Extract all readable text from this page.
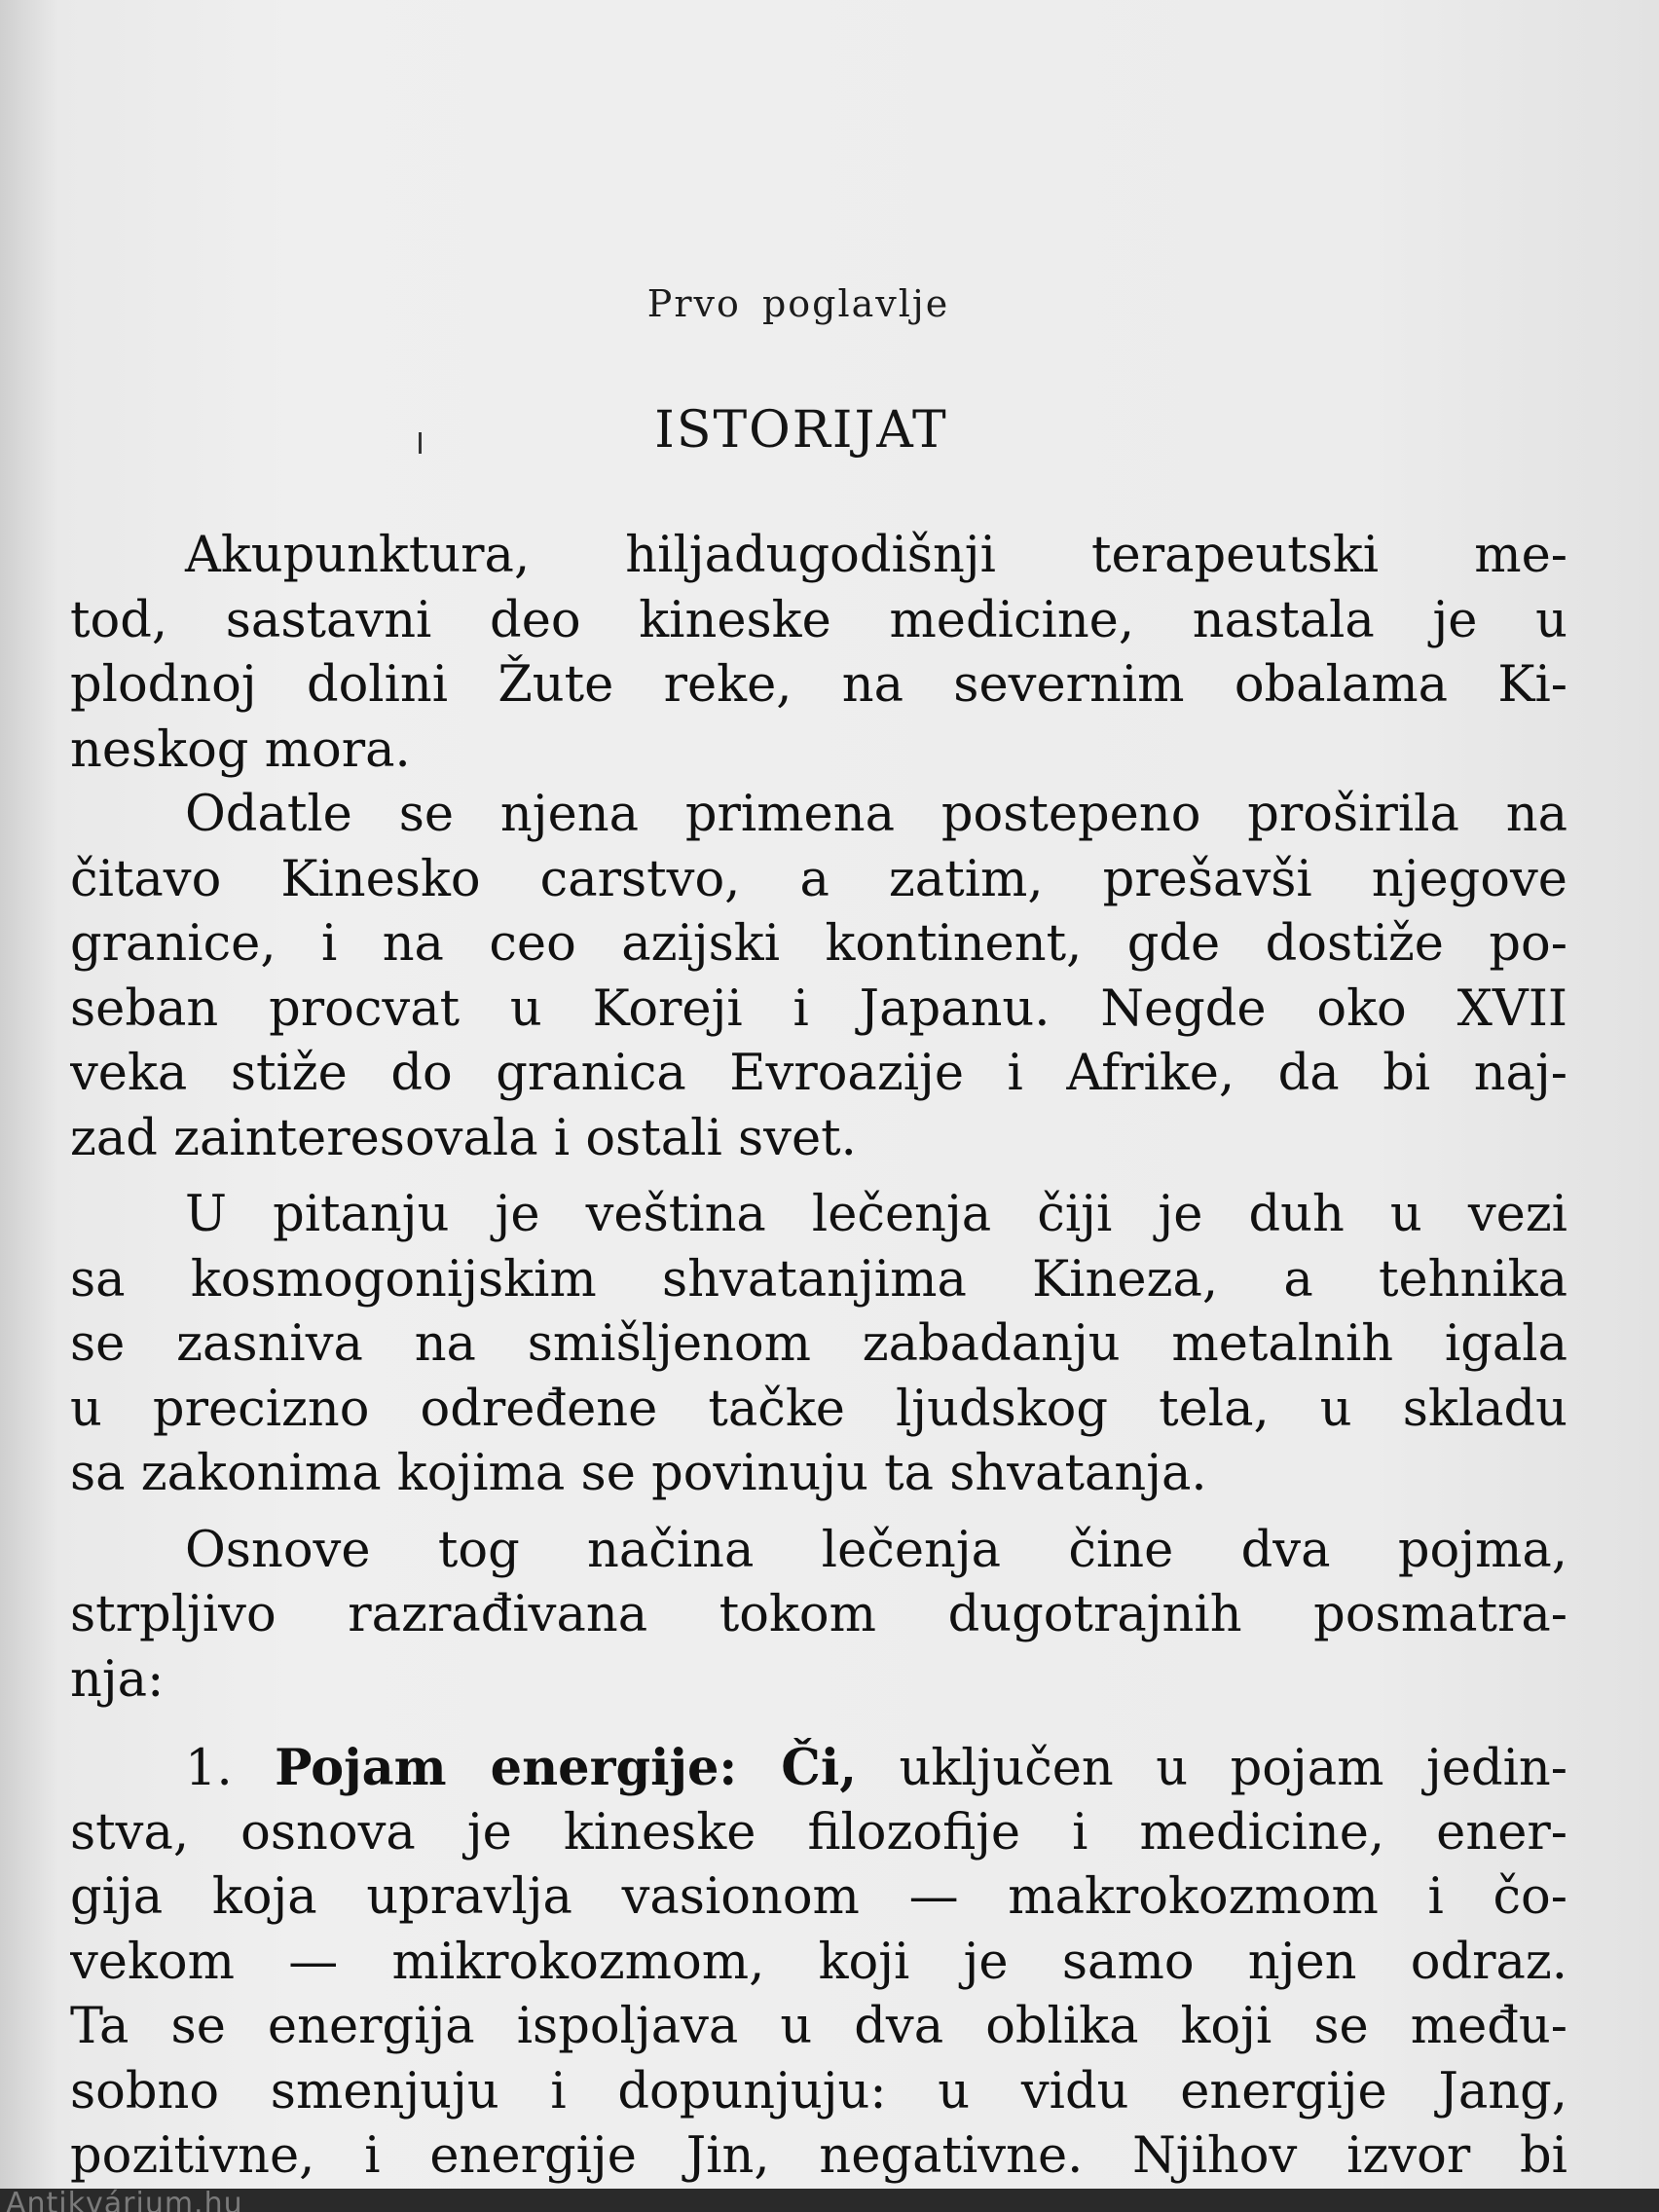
Prvo poglavlje
ISTORIJAT
Akupunktura, hiljadugodišnji terapeutski me-
tod, sastavni deo kineske medicine, nastala je u
plodnoj dolini Žute reke, na severnim obalama Ki-
neskog mora.
Odatle se njena primena postepeno proširila na
čitavo Kinesko carstvo, a zatim, prešavši njegove
granice, i na ceo azijski kontinent, gde dostiže po-
seban procvat u Koreji i Japanu. Negde oko XVII
veka stiže do granica Evroazije i Afrike, da bi naj-
zad zainteresovala i ostali svet.
U pitanju je veština lečenja čiji je duh u vezi
sa kosmogonijskim shvatanjima Kineza, a tehnika
se zasniva na smišljenom zabadanju metalnih igala
u precizno određene tačke ljudskog tela, u skladu
sa zakonima kojima se povinuju ta shvatanja.
Osnove tog načina lečenja čine dva pojma,
strpljivo razrađivana tokom dugotrajnih posmatra-
nja:
1. Pojam energije: Či, uključen u pojam jedin-
stva, osnova je kineske filozofije i medicine, ener-
gija koja upravlja vasionom — makrokozmom i čo-
vekom — mikrokozmom, koji je samo njen odraz.
Ta se energija ispoljava u dva oblika koji se među-
sobno smenjuju i dopunjuju: u vidu energije Jang,
pozitivne, i energije Jin, negativne. Njihov izvor bi
Antikvárium.hu
